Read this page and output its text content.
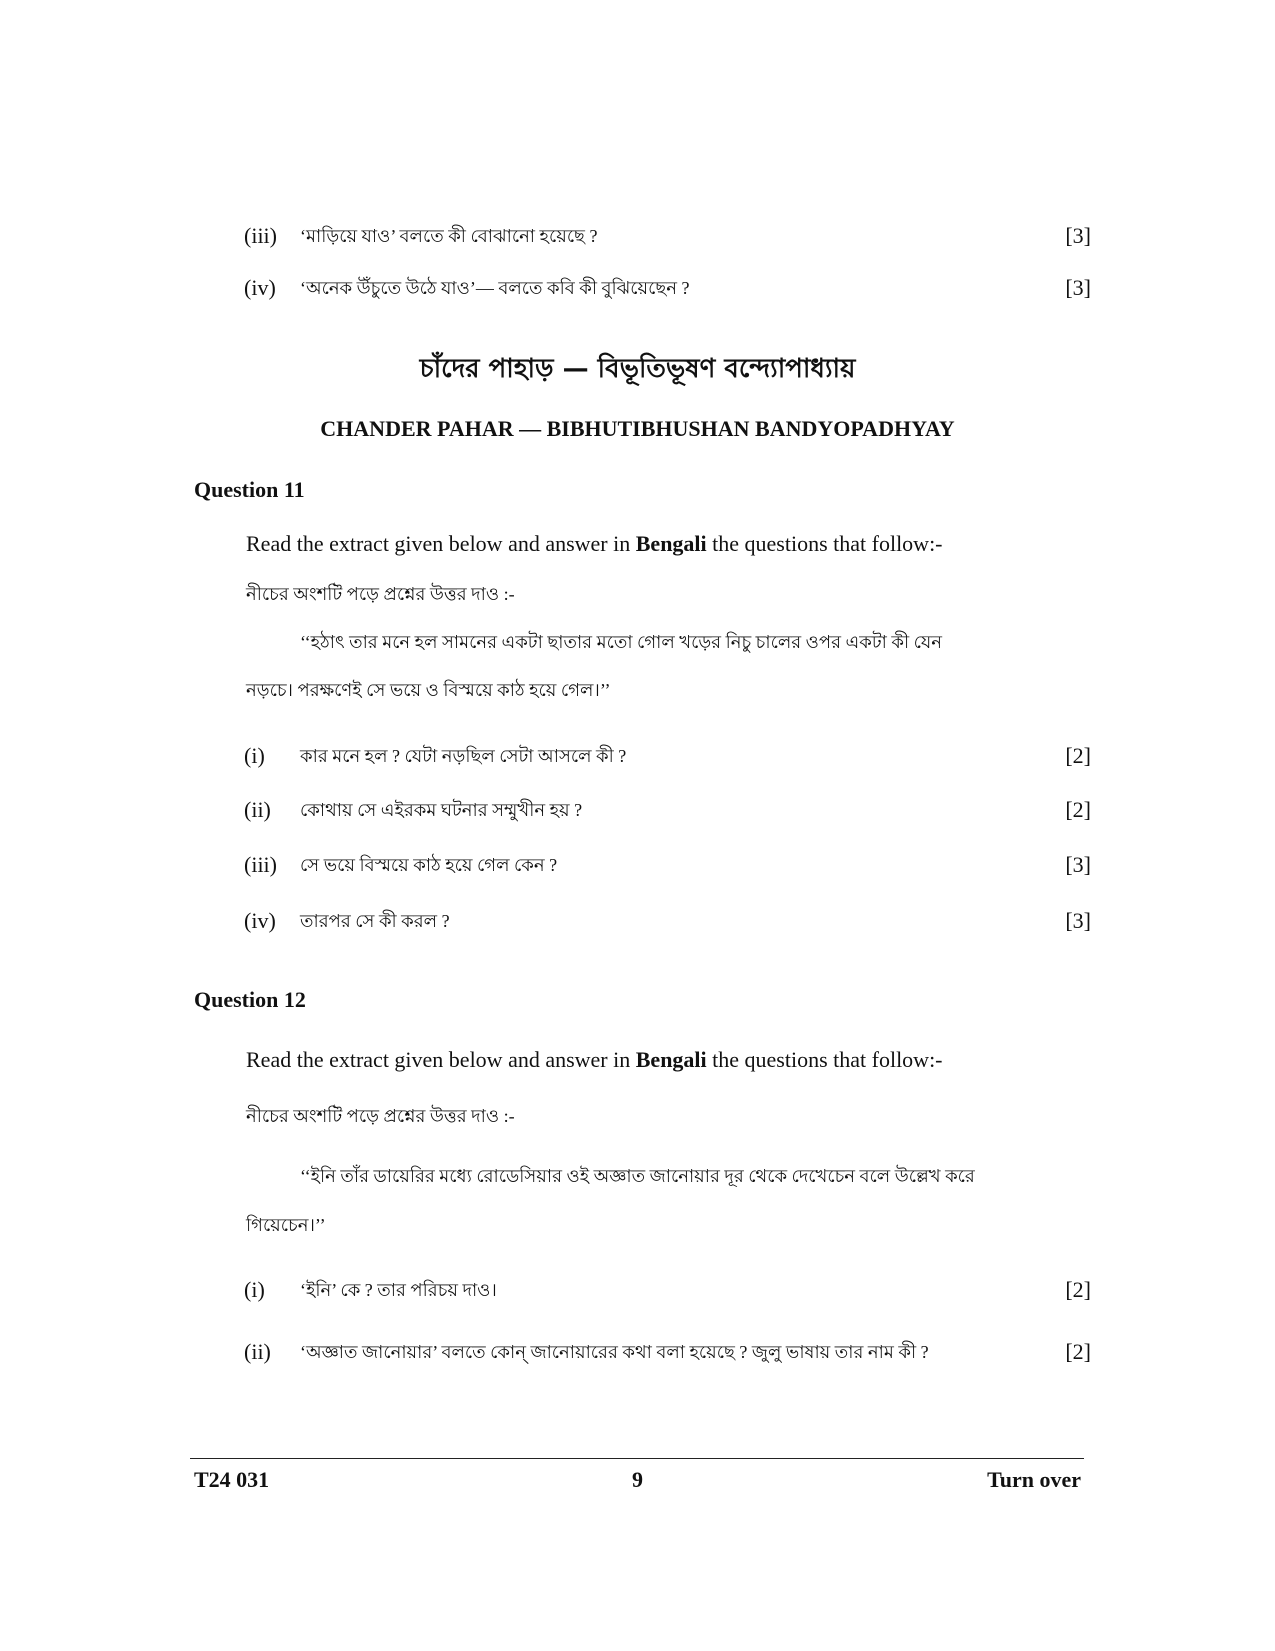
(iii) ‘মাড়িয়ে যাও’ বলতে কী বোঝানো হয়েছে ?	[3]
(iv) ‘অনেক উঁচুতে উঠে যাও’— বলতে কবি কী বুঝিয়েছেন ?	[3]
চাঁদের পাহাড় — বিভূতিভূষণ বন্দ্যোপাধ্যায়
CHANDER PAHAR — BIBHUTIBHUSHAN BANDYOPADHYAY
Question 11
Read the extract given below and answer in Bengali the questions that follow:-
নীচের অংশটি পড়ে প্রশ্নের উত্তর দাও :-
‘‘হঠাৎ তার মনে হল সামনের একটা ছাতার মতো গোল খড়ের নিচু চালের ওপর একটা কী যেন
নড়চে। পরক্ষণেই সে ভয়ে ও বিস্ময়ে কাঠ হয়ে গেল।’’
(i) কার মনে হল ? যেটা নড়ছিল সেটা আসলে কী ?	[2]
(ii) কোথায় সে এইরকম ঘটনার সম্মুখীন হয় ?	[2]
(iii) সে ভয়ে বিস্ময়ে কাঠ হয়ে গেল কেন ?	[3]
(iv) তারপর সে কী করল ?	[3]
Question 12
Read the extract given below and answer in Bengali the questions that follow:-
নীচের অংশটি পড়ে প্রশ্নের উত্তর দাও :-
‘‘ইনি তাঁর ডায়েরির মধ্যে রোডেসিয়ার ওই অজ্ঞাত জানোয়ার দূর থেকে দেখেচেন বলে উল্লেখ করে
গিয়েচেন।’’
(i) ‘ইনি’ কে ? তার পরিচয় দাও।	[2]
(ii) ‘অজ্ঞাত জানোয়ার’ বলতে কোন্ জানোয়ারের কথা বলা হয়েছে ? জুলু ভাষায় তার নাম কী ?	[2]
T24 031	9	Turn over
